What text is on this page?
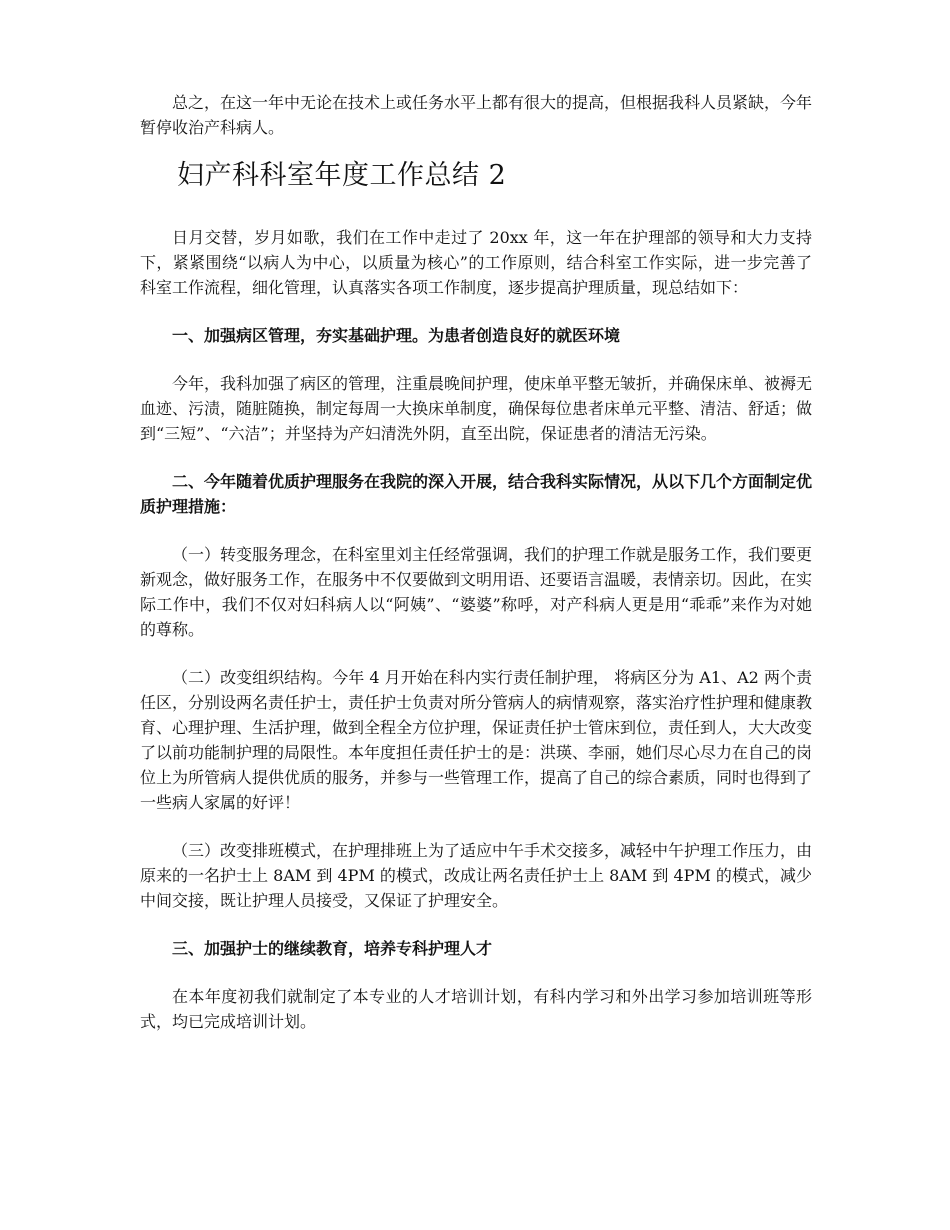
总之，在这一年中无论在技术上或任务水平上都有很大的提高，但根据我科人员紧缺，今年暂停收治产科病人。

妇产科科室年度工作总结 2

日月交替，岁月如歌，我们在工作中走过了 20xx 年，这一年在护理部的领导和大力支持下，紧紧围绕“以病人为中心，以质量为核心”的工作原则，结合科室工作实际，进一步完善了科室工作流程，细化管理，认真落实各项工作制度，逐步提高护理质量，现总结如下：

一、加强病区管理，夯实基础护理。为患者创造良好的就医环境

今年，我科加强了病区的管理，注重晨晚间护理，使床单平整无皱折，并确保床单、被褥无血迹、污渍，随脏随换，制定每周一大换床单制度，确保每位患者床单元平整、清洁、舒适；做到“三短”、“六洁”；并坚持为产妇清洗外阴，直至出院，保证患者的清洁无污染。

二、今年随着优质护理服务在我院的深入开展，结合我科实际情况，从以下几个方面制定优质护理措施：

（一）转变服务理念，在科室里刘主任经常强调，我们的护理工作就是服务工作，我们要更新观念，做好服务工作，在服务中不仅要做到文明用语、还要语言温暖，表情亲切。因此，在实际工作中，我们不仅对妇科病人以“阿姨”、“婆婆”称呼，对产科病人更是用“乖乖”来作为对她的尊称。

（二）改变组织结构。今年 4 月开始在科内实行责任制护理， 将病区分为 A1、A2 两个责任区，分别设两名责任护士，责任护士负责对所分管病人的病情观察，落实治疗性护理和健康教育、心理护理、生活护理，做到全程全方位护理，保证责任护士管床到位，责任到人，大大改变了以前功能制护理的局限性。本年度担任责任护士的是：洪瑛、李丽，她们尽心尽力在自己的岗位上为所管病人提供优质的服务，并参与一些管理工作，提高了自己的综合素质，同时也得到了一些病人家属的好评！

（三）改变排班模式，在护理排班上为了适应中午手术交接多，减轻中午护理工作压力，由原来的一名护士上 8AM 到 4PM 的模式，改成让两名责任护士上 8AM 到 4PM 的模式，减少中间交接，既让护理人员接受，又保证了护理安全。

三、加强护士的继续教育，培养专科护理人才

在本年度初我们就制定了本专业的人才培训计划，有科内学习和外出学习参加培训班等形式，均已完成培训计划。
